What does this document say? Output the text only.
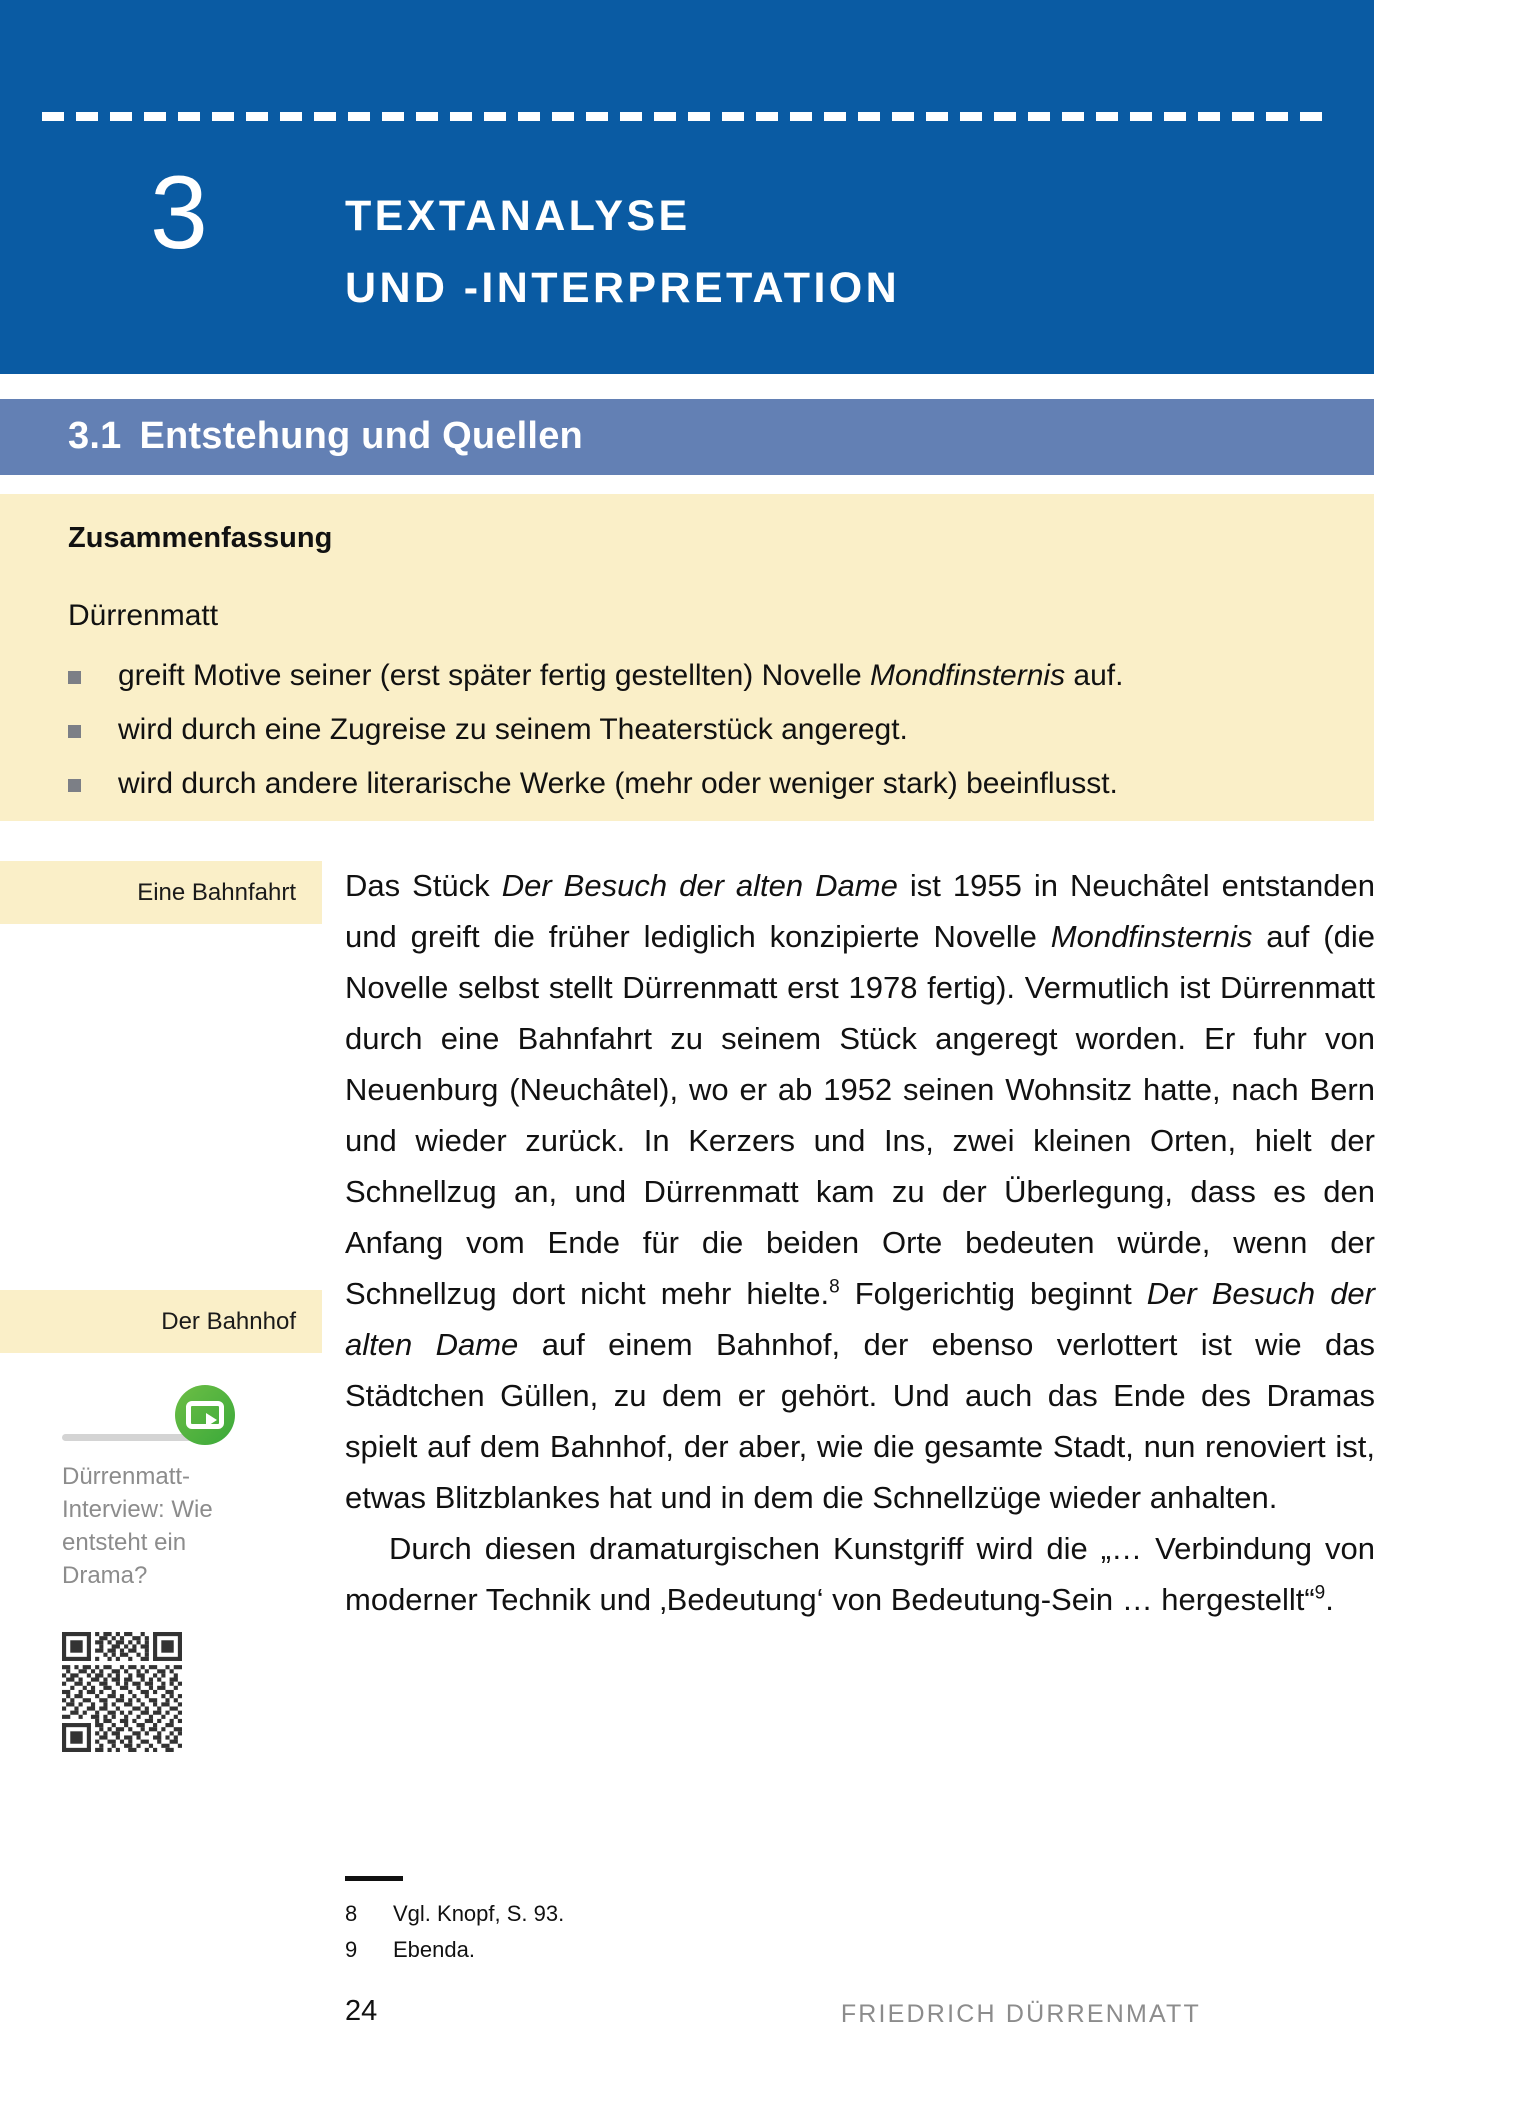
3	TEXTANALYSE
UND -INTERPRETATION
3.1 Entstehung und Quellen
Zusammenfassung
Dürrenmatt
greift Motive seiner (erst später fertig gestellten) Novelle Mondfinsternis auf.
wird durch eine Zugreise zu seinem Theaterstück angeregt.
wird durch andere literarische Werke (mehr oder weniger stark) beeinflusst.
Eine Bahnfahrt
Der Bahnhof
Dürrenmatt-Interview: Wie entsteht ein Drama?

Das Stück Der Besuch der alten Dame ist 1955 in Neuchâtel entstanden und greift die früher lediglich konzipierte Novelle Mondfinsternis auf (die Novelle selbst stellt Dürrenmatt erst 1978 fertig). Vermutlich ist Dürrenmatt durch eine Bahnfahrt zu seinem Stück angeregt worden. Er fuhr von Neuenburg (Neuchâtel), wo er ab 1952 seinen Wohnsitz hatte, nach Bern und wieder zurück. In Kerzers und Ins, zwei kleinen Orten, hielt der Schnellzug an, und Dürrenmatt kam zu der Überlegung, dass es den Anfang vom Ende für die beiden Orte bedeuten würde, wenn der Schnellzug dort nicht mehr hielte.$^8$ Folgerichtig beginnt Der Besuch der alten Dame auf einem Bahnhof, der ebenso verlottert ist wie das Städtchen Güllen, zu dem er gehört. Und auch das Ende des Dramas spielt auf dem Bahnhof, der aber, wie die gesamte Stadt, nun renoviert ist, etwas Blitzblankes hat und in dem die Schnellzüge wieder anhalten.

Durch diesen dramaturgischen Kunstgriff wird die „… Verbindung von moderner Technik und ‚Bedeutung‘ von Bedeutung-Sein … hergestellt“$^9$.

8 Vgl. Knopf, S. 93.
9 Ebenda.
24	FRIEDRICH DÜRRENMATT
